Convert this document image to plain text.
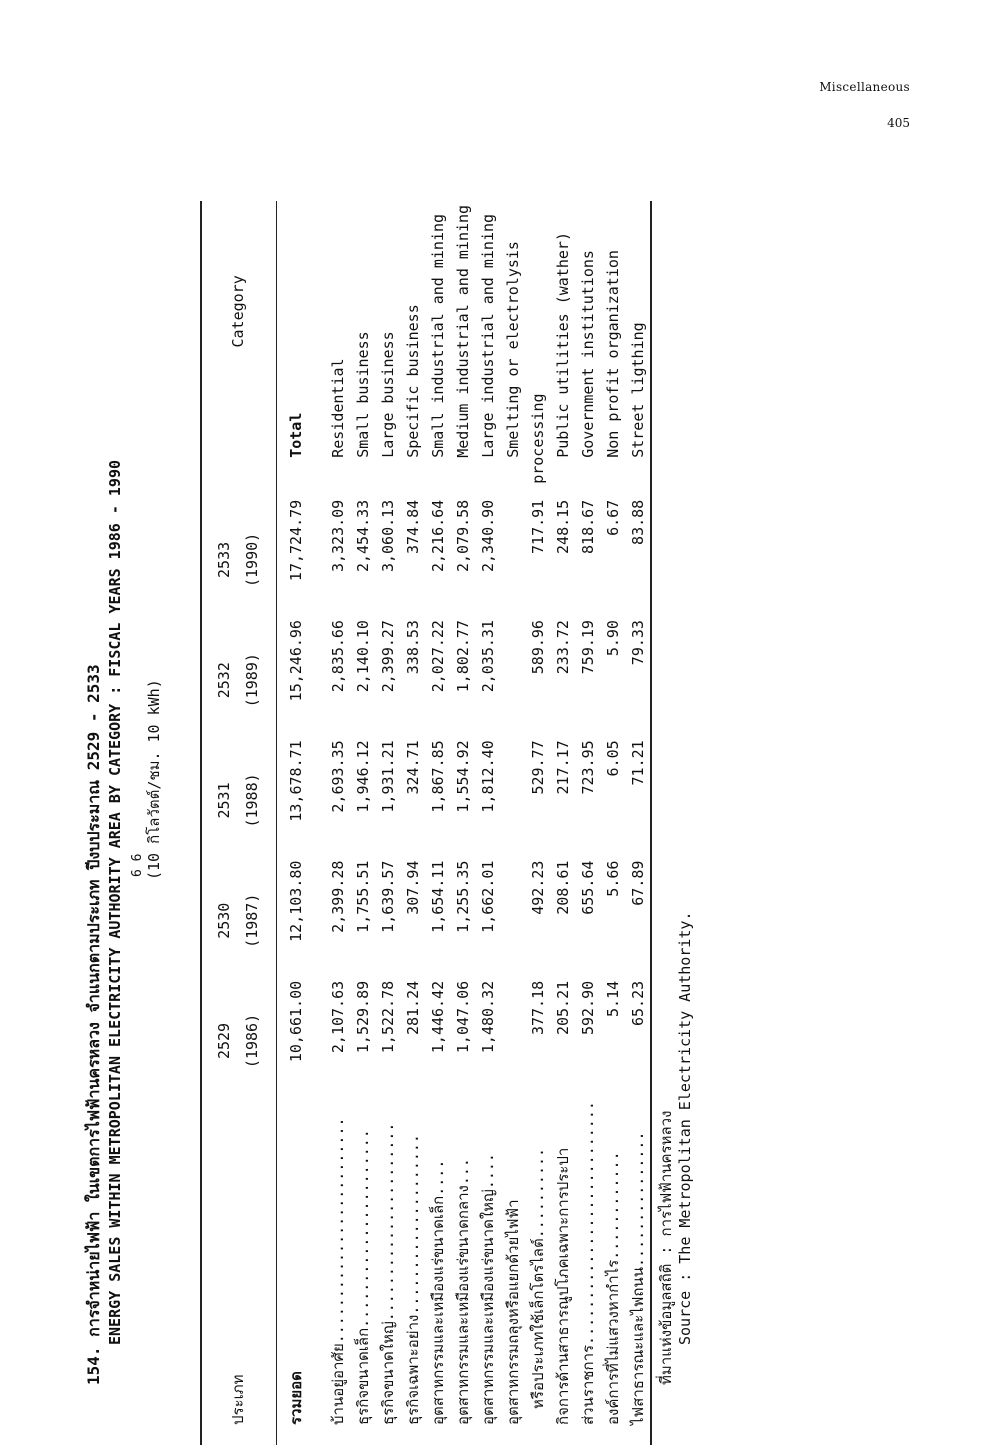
Miscellaneous
405
154. การจำหน่ายไฟฟ้า ในเขตการไฟฟ้านครหลวง จำแนกตามประเภท ปีงบประมาณ 2529 - 2533 ENERGY SALES WITHIN METROPOLITAN ELECTRICITY AUTHORITY AREA BY CATEGORY : FISCAL YEARS 1986 - 1990 6 6 (10 กิโลวัตต์/ชม. 10 kWh)
ประเภท	2529	2530	2531	2532	2533	Category
	(1986)	(1987)	(1988)	(1989)	(1990)	
รวมยอด	10,661.00	12,103.80	13,678.71	15,246.96	17,724.79	Total
บ้านอยู่อาศัย.........................	2,107.63	2,399.28	2,693.35	2,835.66	3,323.09	Residential
ธุรกิจขนาดเล็ก......................	1,529.89	1,755.51	1,946.12	2,140.10	2,454.33	Small business
ธุรกิจขนาดใหญ่......................	1,522.78	1,639.57	1,931.21	2,399.27	3,060.13	Large business
ธุรกิจเฉพาะอย่าง....................	281.24	307.94	324.71	338.53	374.84	Specific business
อุตสาหกรรมและเหมืองแร่ขนาดเล็ก....	1,446.42	1,654.11	1,867.85	2,027.22	2,216.64	Small industrial and mining
อุตสาหกรรมและเหมืองแร่ขนาดกลาง...	1,047.06	1,255.35	1,554.92	1,802.77	2,079.58	Medium industrial and mining
อุตสาหกรรมและเหมืองแร่ขนาดใหญ่....	1,480.32	1,662.01	1,812.40	2,035.31	2,340.90	Large industrial and mining
อุตสาหกรรมถลุงหรือแยกด้วยไฟฟ้า						Smelting or electrolysis
หรือประเภทใช้เล็กโตรไลต์..........	377.18	492.23	529.77	589.96	717.91	processing
กิจการด้านสาธารณูปโภคเฉพาะการประปา	205.21	208.61	217.17	233.72	248.15	Public utilities (wather)
ส่วนราชการ...........................	592.90	655.64	723.95	759.19	818.67	Government institutions
องค์การที่ไม่แสวงหากำไร............	5.14	5.66	6.05	5.90	6.67	Non profit organization
ไฟสาธารณะและไฟถนน...............	65.23	67.89	71.21	79.33	83.88	Street ligthing
ที่มาแห่งข้อมูลสถิติ : การไฟฟ้านครหลวง Source : The Metropolitan Electricity Authority.
